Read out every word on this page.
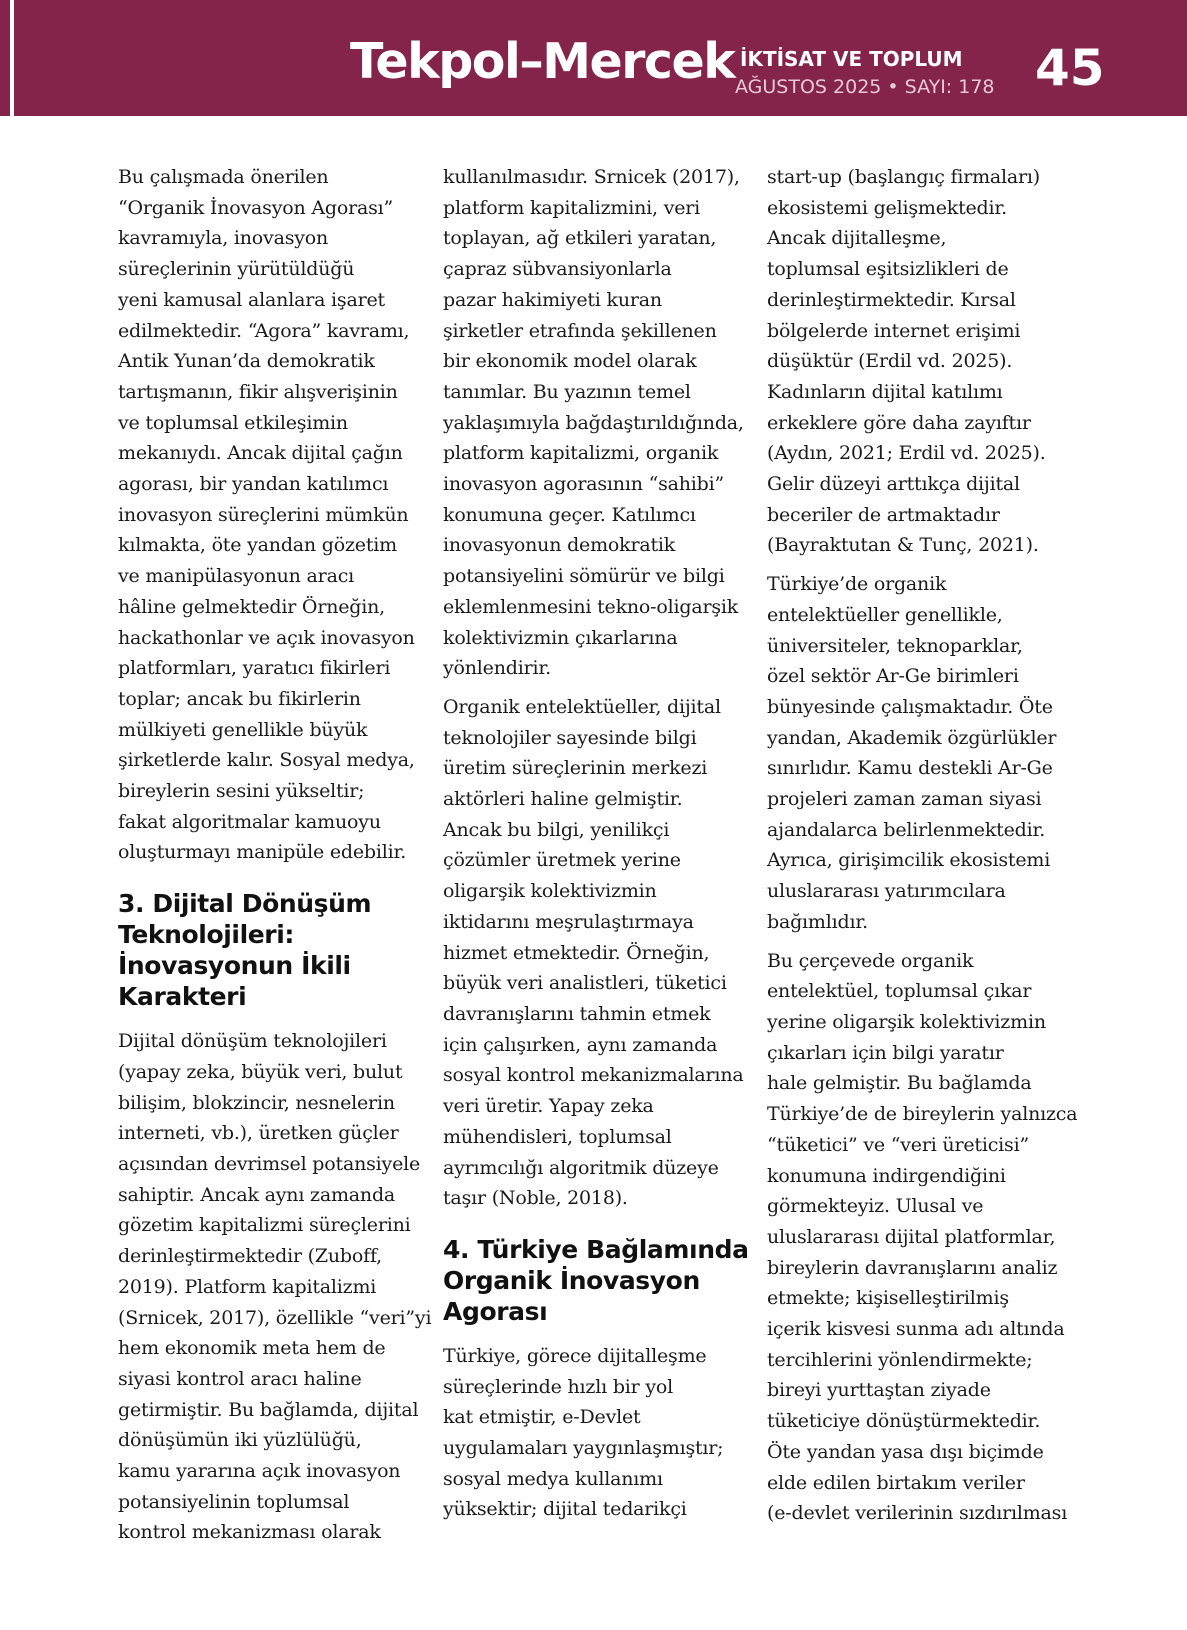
Tekpol–Mercek İKTİSAT VE TOPLUM
AĞUSTOS 2025 • SAYI: 178 45

Bu çalışmada önerilen
“Organik İnovasyon Agorası”
kavramıyla, inovasyon
süreçlerinin yürütüldüğü
yeni kamusal alanlara işaret
edilmektedir. “Agora” kavramı,
Antik Yunan’da demokratik
tartışmanın, fikir alışverişinin
ve toplumsal etkileşimin
mekanıydı. Ancak dijital çağın
agorası, bir yandan katılımcı
inovasyon süreçlerini mümkün
kılmakta, öte yandan gözetim
ve manipülasyonun aracı
hâline gelmektedir Örneğin,
hackathonlar ve açık inovasyon
platformları, yaratıcı fikirleri
toplar; ancak bu fikirlerin
mülkiyeti genellikle büyük
şirketlerde kalır. Sosyal medya,
bireylerin sesini yükseltir;
fakat algoritmalar kamuoyu
oluşturmayı manipüle edebilir.

3. Dijital Dönüşüm
Teknolojileri:
İnovasyonun İkili
Karakteri

Dijital dönüşüm teknolojileri
(yapay zeka, büyük veri, bulut
bilişim, blokzincir, nesnelerin
interneti, vb.), üretken güçler
açısından devrimsel potansiyele
sahiptir. Ancak aynı zamanda
gözetim kapitalizmi süreçlerini
derinleştirmektedir (Zuboff,
2019). Platform kapitalizmi
(Srnicek, 2017), özellikle “veri”yi
hem ekonomik meta hem de
siyasi kontrol aracı haline
getirmiştir. Bu bağlamda, dijital
dönüşümün iki yüzlülüğü,
kamu yararına açık inovasyon
potansiyelinin toplumsal
kontrol mekanizması olarak

kullanılmasıdır. Srnicek (2017),
platform kapitalizmini, veri
toplayan, ağ etkileri yaratan,
çapraz sübvansiyonlarla
pazar hakimiyeti kuran
şirketler etrafında şekillenen
bir ekonomik model olarak
tanımlar. Bu yazının temel
yaklaşımıyla bağdaştırıldığında,
platform kapitalizmi, organik
inovasyon agorasının “sahibi”
konumuna geçer. Katılımcı
inovasyonun demokratik
potansiyelini sömürür ve bilgi
eklemlenmesini tekno-oligarşik
kolektivizmin çıkarlarına
yönlendirir.

Organik entelektüeller, dijital
teknolojiler sayesinde bilgi
üretim süreçlerinin merkezi
aktörleri haline gelmiştir.
Ancak bu bilgi, yenilikçi
çözümler üretmek yerine
oligarşik kolektivizmin
iktidarını meşrulaştırmaya
hizmet etmektedir. Örneğin,
büyük veri analistleri, tüketici
davranışlarını tahmin etmek
için çalışırken, aynı zamanda
sosyal kontrol mekanizmalarına
veri üretir. Yapay zeka
mühendisleri, toplumsal
ayrımcılığı algoritmik düzeye
taşır (Noble, 2018).

4. Türkiye Bağlamında
Organik İnovasyon
Agorası

Türkiye, görece dijitalleşme
süreçlerinde hızlı bir yol
kat etmiştir, e-Devlet
uygulamaları yaygınlaşmıştır;
sosyal medya kullanımı
yüksektir; dijital tedarikçi

start-up (başlangıç firmaları)
ekosistemi gelişmektedir.
Ancak dijitalleşme,
toplumsal eşitsizlikleri de
derinleştirmektedir. Kırsal
bölgelerde internet erişimi
düşüktür (Erdil vd. 2025).
Kadınların dijital katılımı
erkeklere göre daha zayıftır
(Aydın, 2021; Erdil vd. 2025).
Gelir düzeyi arttıkça dijital
beceriler de artmaktadır
(Bayraktutan & Tunç, 2021).

Türkiye’de organik
entelektüeller genellikle,
üniversiteler, teknoparklar,
özel sektör Ar-Ge birimleri
bünyesinde çalışmaktadır. Öte
yandan, Akademik özgürlükler
sınırlıdır. Kamu destekli Ar-Ge
projeleri zaman zaman siyasi
ajandalarca belirlenmektedir.
Ayrıca, girişimcilik ekosistemi
uluslararası yatırımcılara
bağımlıdır.

Bu çerçevede organik
entelektüel, toplumsal çıkar
yerine oligarşik kolektivizmin
çıkarları için bilgi yaratır
hale gelmiştir. Bu bağlamda
Türkiye’de de bireylerin yalnızca
“tüketici” ve “veri üreticisi”
konumuna indirgendiğini
görmekteyiz. Ulusal ve
uluslararası dijital platformlar,
bireylerin davranışlarını analiz
etmekte; kişiselleştirilmiş
içerik kisvesi sunma adı altında
tercihlerini yönlendirmekte;
bireyi yurttaştan ziyade
tüketiciye dönüştürmektedir.
Öte yandan yasa dışı biçimde
elde edilen birtakım veriler
(e-devlet verilerinin sızdırılması
